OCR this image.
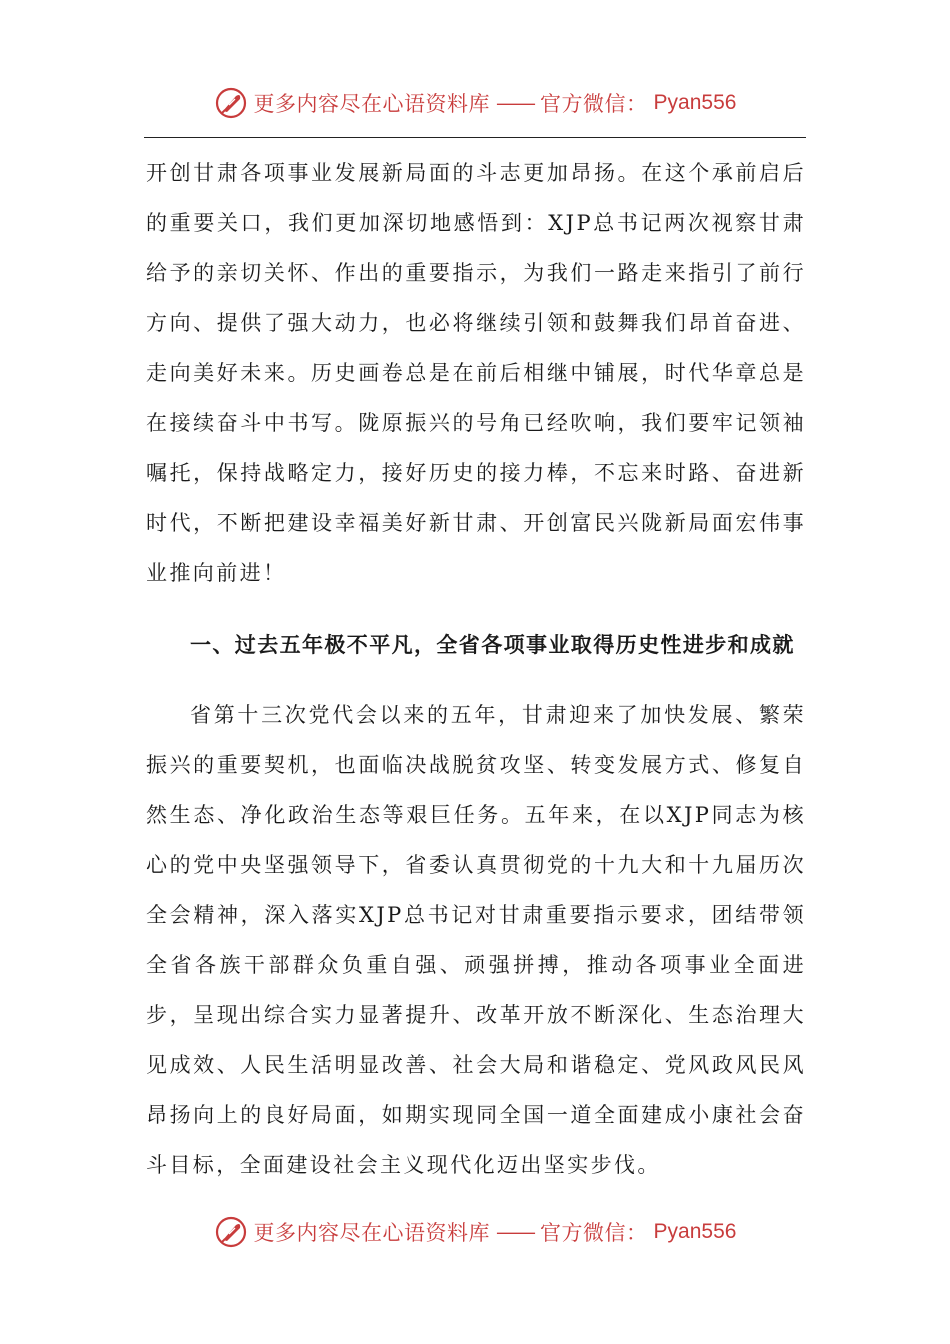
更多内容尽在心语资料库 —— 官方微信： Pyan556

开创甘肃各项事业发展新局面的斗志更加昂扬。在这个承前启后的重要关口，我们更加深切地感悟到：XJP总书记两次视察甘肃给予的亲切关怀、作出的重要指示，为我们一路走来指引了前行方向、提供了强大动力，也必将继续引领和鼓舞我们昂首奋进、走向美好未来。历史画卷总是在前后相继中铺展，时代华章总是在接续奋斗中书写。陇原振兴的号角已经吹响，我们要牢记领袖嘱托，保持战略定力，接好历史的接力棒，不忘来时路、奋进新时代，不断把建设幸福美好新甘肃、开创富民兴陇新局面宏伟事业推向前进！

一、过去五年极不平凡，全省各项事业取得历史性进步和成就

省第十三次党代会以来的五年，甘肃迎来了加快发展、繁荣振兴的重要契机，也面临决战脱贫攻坚、转变发展方式、修复自然生态、净化政治生态等艰巨任务。五年来，在以XJP同志为核心的党中央坚强领导下，省委认真贯彻党的十九大和十九届历次全会精神，深入落实XJP总书记对甘肃重要指示要求，团结带领全省各族干部群众负重自强、顽强拼搏，推动各项事业全面进步，呈现出综合实力显著提升、改革开放不断深化、生态治理大见成效、人民生活明显改善、社会大局和谐稳定、党风政风民风昂扬向上的良好局面，如期实现同全国一道全面建成小康社会奋斗目标，全面建设社会主义现代化迈出坚实步伐。

更多内容尽在心语资料库 —— 官方微信： Pyan556
